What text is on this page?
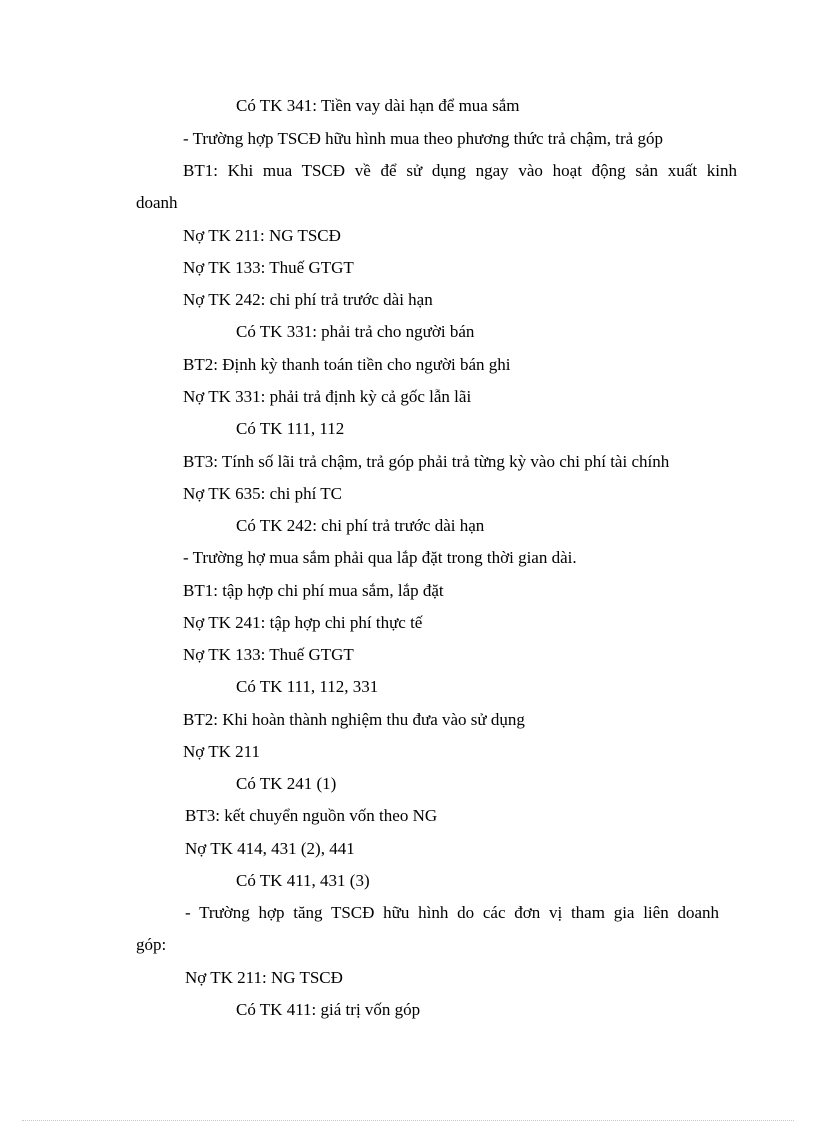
Có TK 341: Tiền vay dài hạn để mua sắm

- Trường hợp TSCĐ hữu hình mua theo phương thức trả chậm, trả góp

BT1: Khi mua TSCĐ về để sử dụng ngay vào hoạt động sản xuất kinh

doanh

Nợ TK 211: NG TSCĐ

Nợ TK 133: Thuế GTGT

Nợ TK 242: chi phí trả trước dài hạn

Có TK 331: phải trả cho người bán

BT2: Định kỳ thanh toán tiền cho người bán ghi

Nợ TK 331: phải trả định kỳ cả gốc lẫn lãi

Có TK 111, 112

BT3: Tính số lãi trả chậm, trả góp phải trả từng kỳ vào chi phí tài chính

Nợ TK 635: chi phí TC

Có TK 242: chi phí trả trước dài hạn

- Trường hợ mua sắm phải qua lắp đặt trong thời gian dài.

BT1: tập hợp chi phí mua sắm, lắp đặt

Nợ TK 241: tập hợp chi phí thực tế

Nợ TK 133: Thuế GTGT

Có TK 111, 112, 331

BT2: Khi hoàn thành nghiệm thu đưa vào sử dụng

Nợ TK 211

Có TK 241 (1)

BT3: kết chuyển nguồn vốn theo NG

Nợ TK 414, 431 (2), 441

Có TK 411, 431 (3)

- Trường hợp tăng TSCĐ hữu hình do các đơn vị tham gia liên doanh

góp:

Nợ TK 211: NG TSCĐ

Có TK 411: giá trị vốn góp
